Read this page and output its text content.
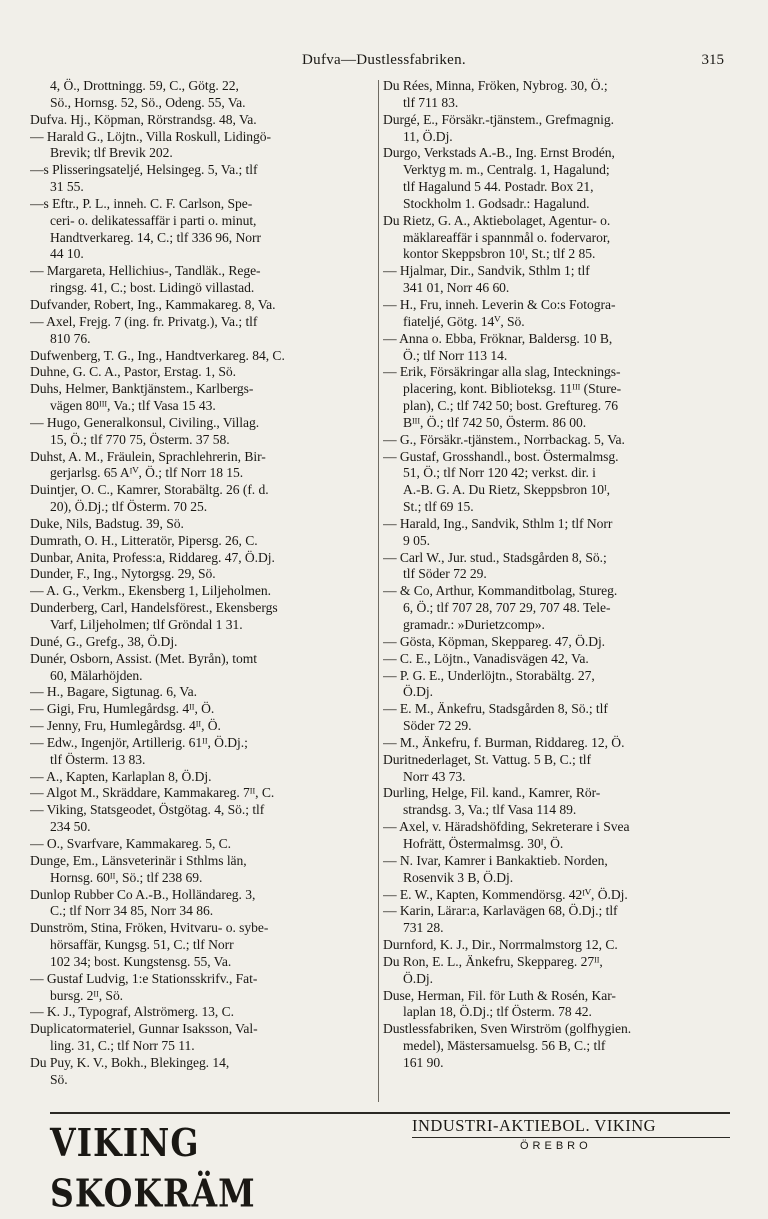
Dufva—Dustlessfabriken.	315
4, Ö., Drottningg. 59, C., Götg. 22,
Sö., Hornsg. 52, Sö., Odeng. 55, Va.
Dufva. Hj., Köpman, Rörstrandsg. 48, Va.
— Harald G., Löjtn., Villa Roskull, Lidingö-
Brevik; tlf Brevik 202.
—s Plisseringsateljé, Helsingeg. 5, Va.; tlf
31 55.
—s Eftr., P. L., inneh. C. F. Carlson, Spe-
ceri- o. delikatessaffär i parti o. minut,
Handtverkareg. 14, C.; tlf 336 96, Norr
44 10.
— Margareta, Hellichius-, Tandläk., Rege-
ringsg. 41, C.; bost. Lidingö villastad.
Dufvander, Robert, Ing., Kammakareg. 8, Va.
— Axel, Frejg. 7 (ing. fr. Privatg.), Va.; tlf
810 76.
Dufwenberg, T. G., Ing., Handtverkareg. 84, C.
Duhne, G. C. A., Pastor, Erstag. 1, Sö.
Duhs, Helmer, Banktjänstem., Karlbergs-
vägen 80ᴵᴵᴵ, Va.; tlf Vasa 15 43.
— Hugo, Generalkonsul, Civiling., Villag.
15, Ö.; tlf 770 75, Österm. 37 58.
Duhst, A. M., Fräulein, Sprachlehrerin, Bir-
gerjarlsg. 65 Aᴵⱽ, Ö.; tlf Norr 18 15.
Duintjer, O. C., Kamrer, Storabältg. 26 (f. d.
20), Ö.Dj.; tlf Österm. 70 25.
Duke, Nils, Badstug. 39, Sö.
Dumrath, O. H., Litteratör, Pipersg. 26, C.
Dunbar, Anita, Profess:a, Riddareg. 47, Ö.Dj.
Dunder, F., Ing., Nytorgsg. 29, Sö.
— A. G., Verkm., Ekensberg 1, Liljeholmen.
Dunderberg, Carl, Handelsförest., Ekensbergs
Varf, Liljeholmen; tlf Gröndal 1 31.
Duné, G., Grefg., 38, Ö.Dj.
Dunér, Osborn, Assist. (Met. Byrån), tomt
60, Mälarhöjden.
— H., Bagare, Sigtunag. 6, Va.
— Gigi, Fru, Humlegårdsg. 4ᴵᴵ, Ö.
— Jenny, Fru, Humlegårdsg. 4ᴵᴵ, Ö.
— Edw., Ingenjör, Artillerig. 61ᴵᴵ, Ö.Dj.;
tlf Österm. 13 83.
— A., Kapten, Karlaplan 8, Ö.Dj.
— Algot M., Skräddare, Kammakareg. 7ᴵᴵ, C.
— Viking, Statsgeodet, Östgötag. 4, Sö.; tlf
234 50.
— O., Svarfvare, Kammakareg. 5, C.
Dunge, Em., Länsveterinär i Sthlms län,
Hornsg. 60ᴵᴵ, Sö.; tlf 238 69.
Dunlop Rubber Co A.-B., Holländareg. 3,
C.; tlf Norr 34 85, Norr 34 86.
Dunström, Stina, Fröken, Hvitvaru- o. sybe-
hörsaffär, Kungsg. 51, C.; tlf Norr
102 34; bost. Kungstensg. 55, Va.
— Gustaf Ludvig, 1:e Stationsskrifv., Fat-
bursg. 2ᴵᴵ, Sö.
— K. J., Typograf, Alströmerg. 13, C.
Duplicatormateriel, Gunnar Isaksson, Val-
ling. 31, C.; tlf Norr 75 11.
Du Puy, K. V., Bokh., Blekingeg. 14,
Sö.
Du Rées, Minna, Fröken, Nybrog. 30, Ö.;
tlf 711 83.
Durgé, E., Försäkr.-tjänstem., Grefmagnig.
11, Ö.Dj.
Durgo, Verkstads A.-B., Ing. Ernst Brodén,
Verktyg m. m., Centralg. 1, Hagalund;
tlf Hagalund 5 44. Postadr. Box 21,
Stockholm 1. Godsadr.: Hagalund.
Du Rietz, G. A., Aktiebolaget, Agentur- o.
mäklareaffär i spannmål o. fodervaror,
kontor Skeppsbron 10ᴵ, St.; tlf 2 85.
— Hjalmar, Dir., Sandvik, Sthlm 1; tlf
341 01, Norr 46 60.
— H., Fru, inneh. Leverin & Co:s Fotogra-
fiateljé, Götg. 14ⱽ, Sö.
— Anna o. Ebba, Fröknar, Baldersg. 10 B,
Ö.; tlf Norr 113 14.
— Erik, Försäkringar alla slag, Intecknings-
placering, kont. Biblioteksg. 11ᴵᴵᴵ (Sture-
plan), C.; tlf 742 50; bost. Greftureg. 76
Bᴵᴵᴵ, Ö.; tlf 742 50, Österm. 86 00.
— G., Försäkr.-tjänstem., Norrbackag. 5, Va.
— Gustaf, Grosshandl., bost. Östermalmsg.
51, Ö.; tlf Norr 120 42; verkst. dir. i
A.-B. G. A. Du Rietz, Skeppsbron 10ᴵ,
St.; tlf 69 15.
— Harald, Ing., Sandvik, Sthlm 1; tlf Norr
9 05.
— Carl W., Jur. stud., Stadsgården 8, Sö.;
tlf Söder 72 29.
— & Co, Arthur, Kommanditbolag, Stureg.
6, Ö.; tlf 707 28, 707 29, 707 48. Tele-
gramadr.: »Durietzcomp».
— Gösta, Köpman, Skeppareg. 47, Ö.Dj.
— C. E., Löjtn., Vanadisvägen 42, Va.
— P. G. E., Underlöjtn., Storabältg. 27,
Ö.Dj.
— E. M., Änkefru, Stadsgården 8, Sö.; tlf
Söder 72 29.
— M., Änkefru, f. Burman, Riddareg. 12, Ö.
Duritnederlaget, St. Vattug. 5 B, C.; tlf
Norr 43 73.
Durling, Helge, Fil. kand., Kamrer, Rör-
strandsg. 3, Va.; tlf Vasa 114 89.
— Axel, v. Häradshöfding, Sekreterare i Svea
Hofrätt, Östermalmsg. 30ᴵ, Ö.
— N. Ivar, Kamrer i Bankaktieb. Norden,
Rosenvik 3 B, Ö.Dj.
— E. W., Kapten, Kommendörsg. 42ᴵⱽ, Ö.Dj.
— Karin, Lärar:a, Karlavägen 68, Ö.Dj.; tlf
731 28.
Durnford, K. J., Dir., Norrmalmstorg 12, C.
Du Ron, E. L., Änkefru, Skeppareg. 27ᴵᴵ,
Ö.Dj.
Duse, Herman, Fil. för Luth & Rosén, Kar-
laplan 18, Ö.Dj.; tlf Österm. 78 42.
Dustlessfabriken, Sven Wirström (golfhygien.
medel), Mästersamuelsg. 56 B, C.; tlf
161 90.
VIKING SKOKRÄM
INDUSTRI-AKTIEBOL. VIKING
ÖREBRO
